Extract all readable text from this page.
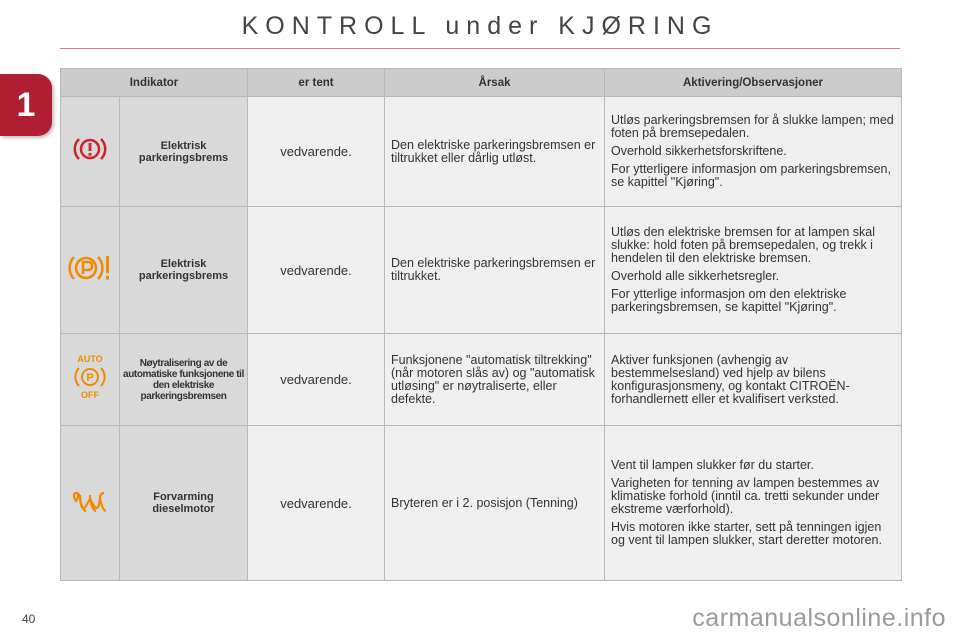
KONTROLL under KJØRING
1
Indikator		er tent	Årsak	Aktivering/Observasjoner
	Elektrisk parkeringsbrems	vedvarende.	Den elektriske parkeringsbremsen er tiltrukket eller dårlig utløst.	Utløs parkeringsbremsen for å slukke lampen; med foten på bremsepedalen.

Overhold sikkerhetsforskriftene.

For ytterligere informasjon om parkeringsbremsen, se kapittel "Kjøring".

	Elektrisk parkeringsbrems	vedvarende.	Den elektriske parkeringsbremsen er tiltrukket.	Utløs den elektriske bremsen for at lampen skal slukke: hold foten på bremsepedalen, og trekk i hendelen til den elektriske bremsen.

Overhold alle sikkerhetsregler.

For ytterlige informasjon om den elektriske parkeringsbremsen, se kapittel "Kjøring".

AUTO
P
OFF	Nøytralisering av de automatiske funksjonene til den elektriske parkeringsbremsen	vedvarende.	Funksjonene "automatisk tiltrekking" (når motoren slås av) og "automatisk utløsing" er nøytraliserte, eller defekte.	Aktiver funksjonen (avhengig av bestemmelsesland) ved hjelp av bilens konfigurasjonsmeny, og kontakt CITROËN-forhandlernett eller et kvalifisert verksted.

	Forvarming dieselmotor	vedvarende.	Bryteren er i 2. posisjon (Tenning)	Vent til lampen slukker før du starter.

Varigheten for tenning av lampen bestemmes av klimatiske forhold (inntil ca. tretti sekunder under ekstreme værforhold).

Hvis motoren ikke starter, sett på tenningen igjen og vent til lampen slukker, start deretter motoren.

40	carmanualsonline.info
